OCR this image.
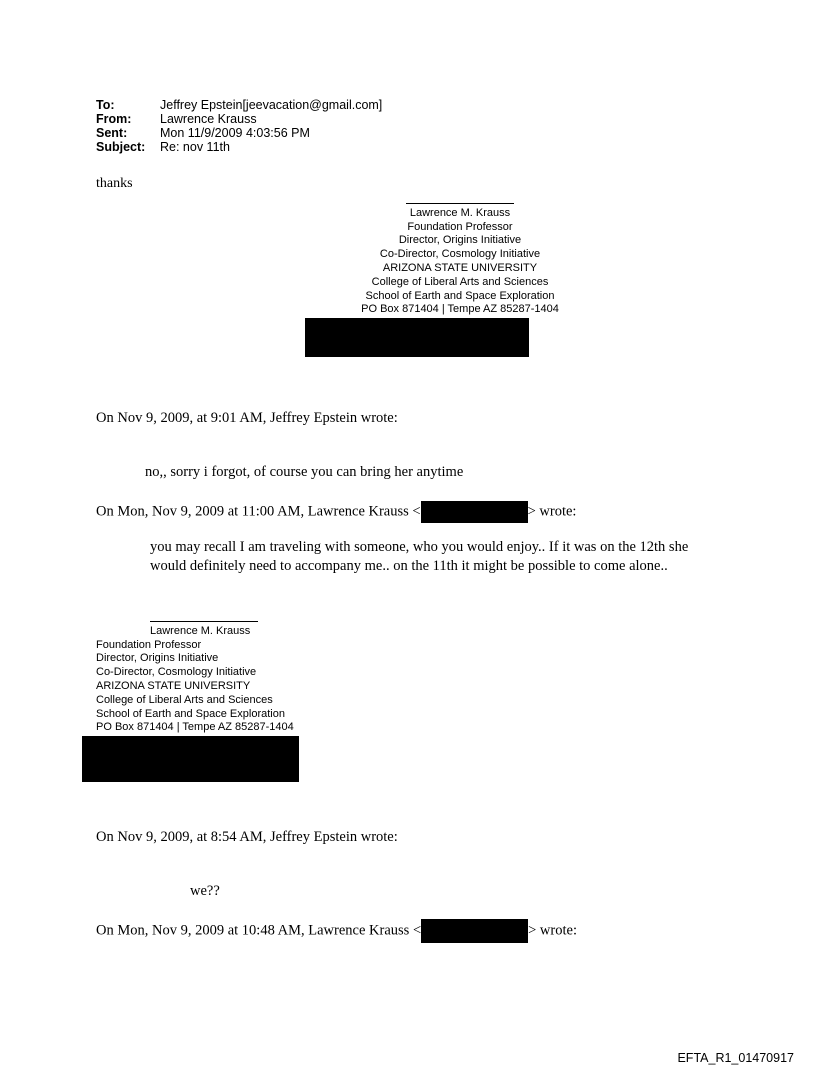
To:	Jeffrey Epstein[jeevacation@gmail.com]
From:	Lawrence Krauss
Sent:	Mon 11/9/2009 4:03:56 PM
Subject:	Re: nov 11th
thanks
Lawrence M. Krauss
Foundation Professor
Director, Origins Initiative
Co-Director, Cosmology Initiative
ARIZONA STATE UNIVERSITY
College of Liberal Arts and Sciences
School of Earth and Space Exploration
PO Box 871404 | Tempe AZ 85287-1404
On Nov 9, 2009, at 9:01 AM, Jeffrey Epstein wrote:
no,, sorry i forgot, of course you can bring her anytime
On Mon, Nov 9, 2009 at 11:00 AM, Lawrence Krauss <	> wrote:
you may recall I am traveling with someone, who you would enjoy.. If it was on the 12th she would definitely need to accompany me.. on the 11th it might be possible to come alone..
Lawrence M. Krauss
Foundation Professor
Director, Origins Initiative
Co-Director, Cosmology Initiative
ARIZONA STATE UNIVERSITY
College of Liberal Arts and Sciences
School of Earth and Space Exploration
PO Box 871404 | Tempe AZ 85287-1404
On Nov 9, 2009, at 8:54 AM, Jeffrey Epstein wrote:
we??
On Mon, Nov 9, 2009 at 10:48 AM, Lawrence Krauss <	> wrote:
EFTA_R1_01470917
